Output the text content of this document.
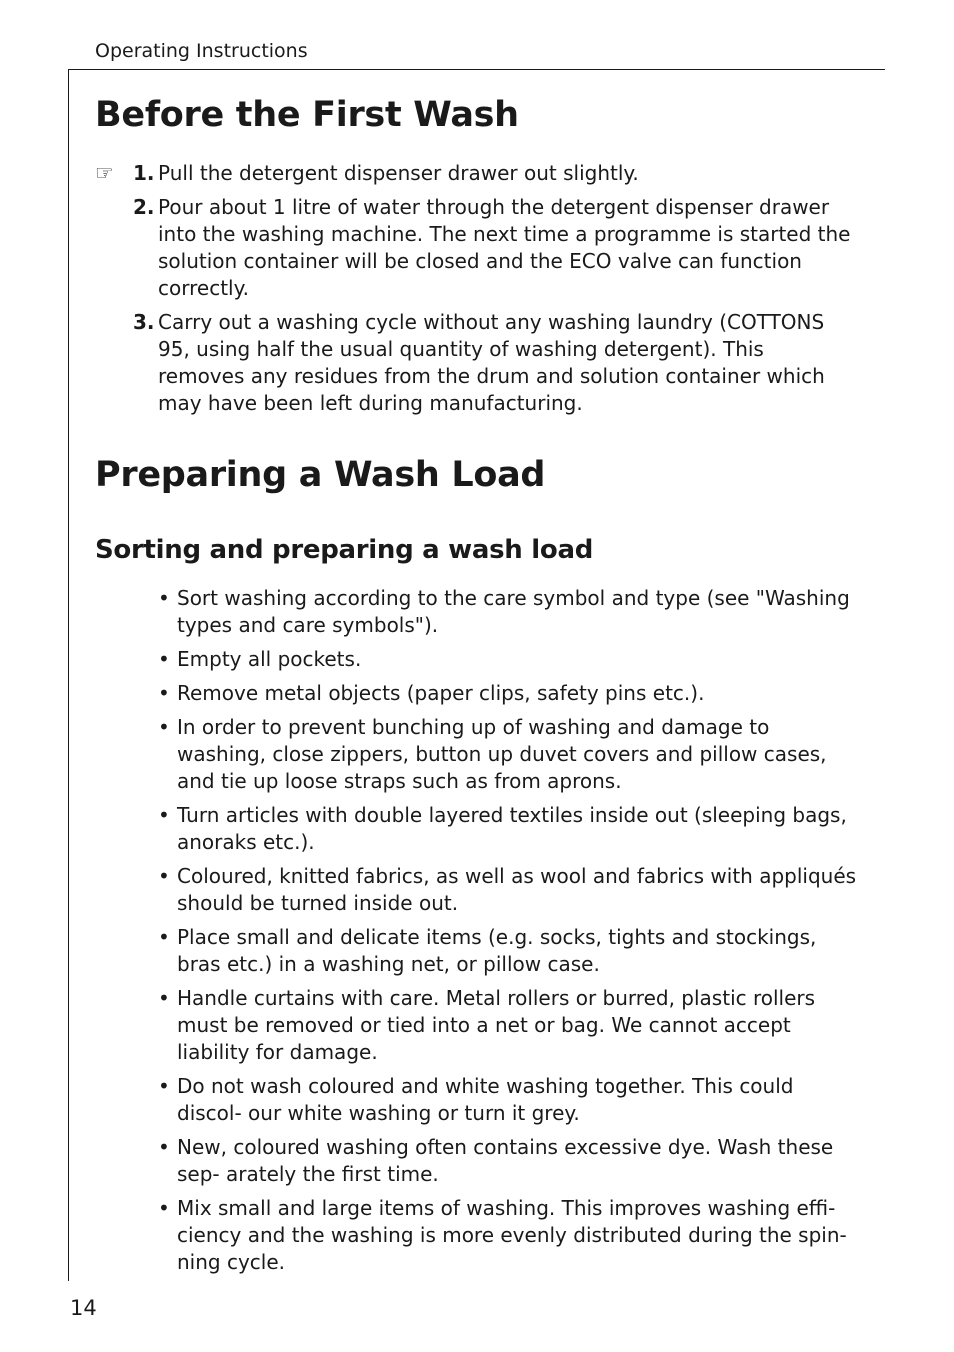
Operating Instructions
Before the First Wash
☞ 1. Pull the detergent dispenser drawer out slightly.
2. Pour about 1 litre of water through the detergent dispenser drawer into the washing machine. The next time a programme is started the solution container will be closed and the ECO valve can function correctly.
3. Carry out a washing cycle without any washing laundry (COTTONS 95, using half the usual quantity of washing detergent). This removes any residues from the drum and solution container which may have been left during manufacturing.
Preparing a Wash Load
Sorting and preparing a wash load
• Sort washing according to the care symbol and type (see "Washing types and care symbols").
• Empty all pockets.
• Remove metal objects (paper clips, safety pins etc.).
• In order to prevent bunching up of washing and damage to washing, close zippers, button up duvet covers and pillow cases, and tie up loose straps such as from aprons.
• Turn articles with double layered textiles inside out (sleeping bags, anoraks etc.).
• Coloured, knitted fabrics, as well as wool and fabrics with appliqués should be turned inside out.
• Place small and delicate items (e.g. socks, tights and stockings, bras etc.) in a washing net, or pillow case.
• Handle curtains with care. Metal rollers or burred, plastic rollers must be removed or tied into a net or bag. We cannot accept liability for damage.
• Do not wash coloured and white washing together. This could discol- our white washing or turn it grey.
• New, coloured washing often contains excessive dye. Wash these sep- arately the first time.
• Mix small and large items of washing. This improves washing effi- ciency and the washing is more evenly distributed during the spin- ning cycle.
14
